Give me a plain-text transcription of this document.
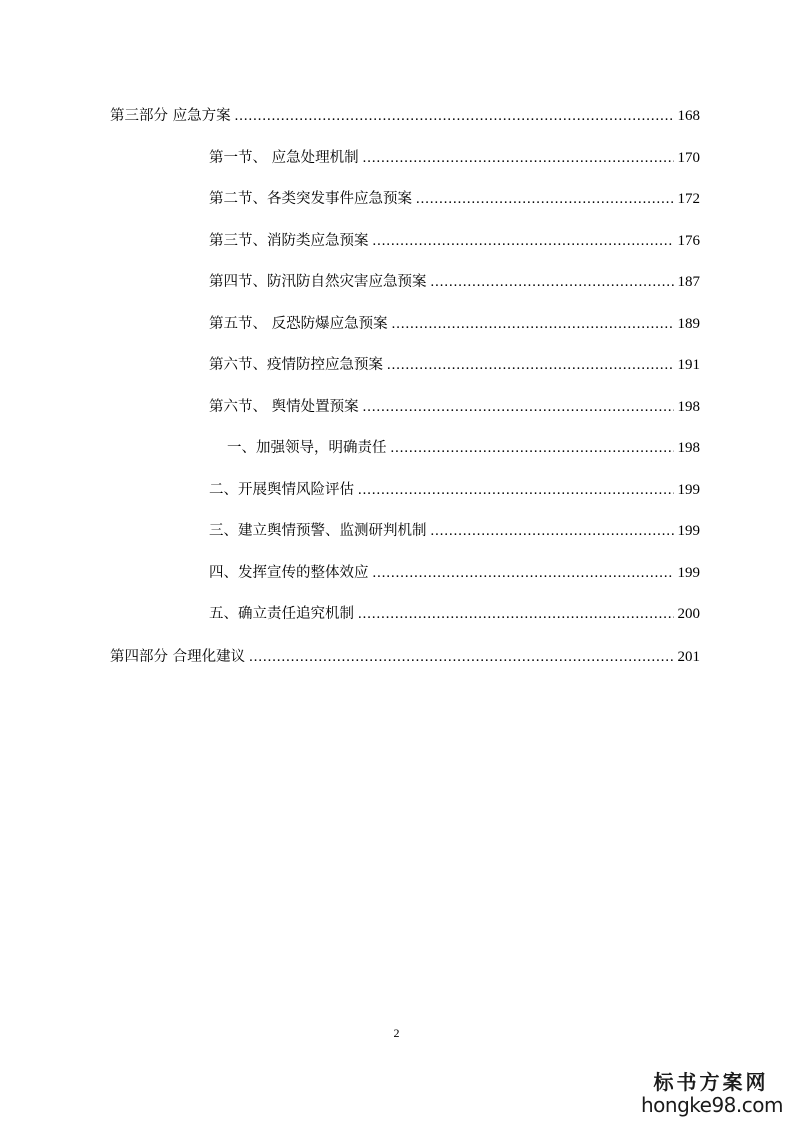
第三部分 应急方案 .....	168
第一节、 应急处理机制 .....	170
第二节、各类突发事件应急预案 .....	172
第三节、消防类应急预案 .....	176
第四节、防汛防自然灾害应急预案 .....	187
第五节、 反恐防爆应急预案 .....	189
第六节、疫情防控应急预案 .....	191
第六节、 舆情处置预案 .....	198
一、加强领导，明确责任 .....	198
二、开展舆情风险评估 .....	199
三、建立舆情预警、监测研判机制 .....	199
四、发挥宣传的整体效应 .....	199
五、确立责任追究机制 .....	200
第四部分 合理化建议 .....	201
2
标书方案网
hongke98.com
